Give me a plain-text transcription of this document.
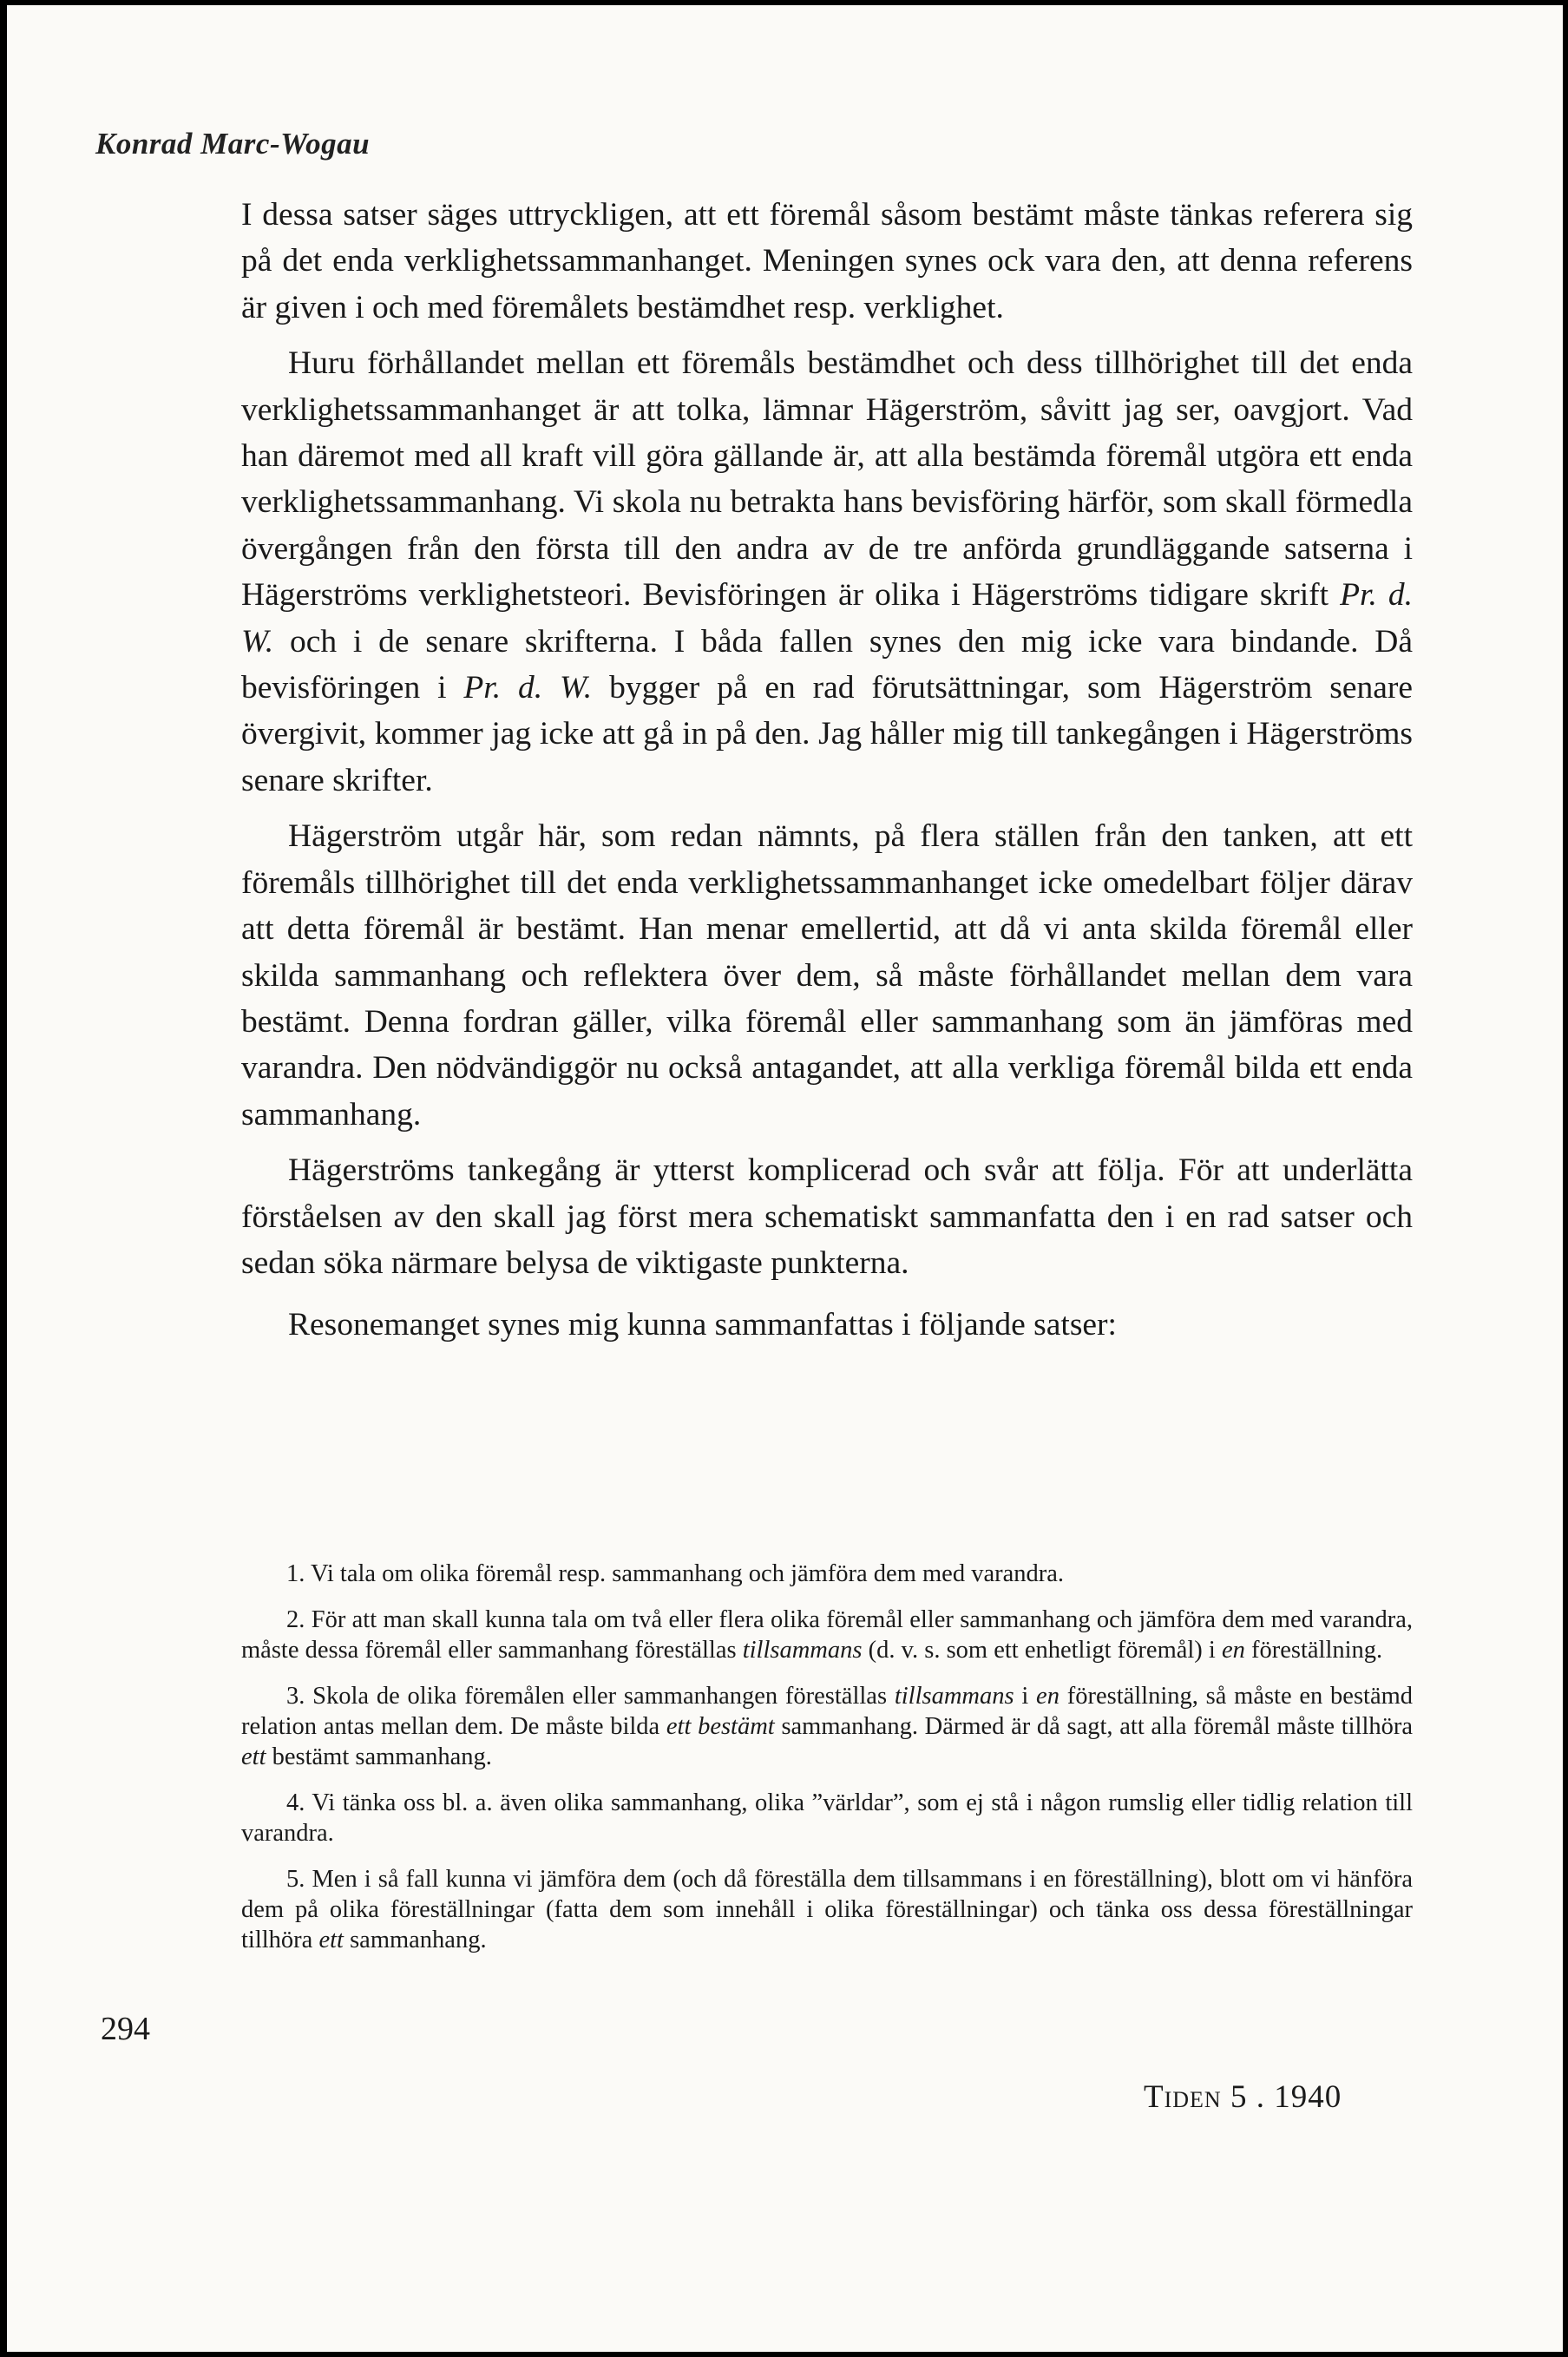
Konrad Marc-Wogau

I dessa satser säges uttryckligen, att ett föremål såsom bestämt måste tänkas referera sig på det enda verklighetssammanhanget. Meningen synes ock vara den, att denna referens är given i och med föremålets bestämdhet resp. verklighet.

Huru förhållandet mellan ett föremåls bestämdhet och dess tillhörighet till det enda verklighetssammanhanget är att tolka, lämnar Hägerström, såvitt jag ser, oavgjort. Vad han däremot med all kraft vill göra gällande är, att alla bestämda föremål utgöra ett enda verklighetssammanhang. Vi skola nu betrakta hans bevisföring härför, som skall förmedla övergången från den första till den andra av de tre anförda grundläggande satserna i Hägerströms verklighetsteori. Bevisföringen är olika i Hägerströms tidigare skrift Pr. d. W. och i de senare skrifterna. I båda fallen synes den mig icke vara bindande. Då bevisföringen i Pr. d. W. bygger på en rad förutsättningar, som Hägerström senare övergivit, kommer jag icke att gå in på den. Jag håller mig till tankegången i Hägerströms senare skrifter.

Hägerström utgår här, som redan nämnts, på flera ställen från den tanken, att ett föremåls tillhörighet till det enda verklighetssammanhanget icke omedelbart följer därav att detta föremål är bestämt. Han menar emellertid, att då vi anta skilda föremål eller skilda sammanhang och reflektera över dem, så måste förhållandet mellan dem vara bestämt. Denna fordran gäller, vilka föremål eller sammanhang som än jämföras med varandra. Den nödvändiggör nu också antagandet, att alla verkliga föremål bilda ett enda sammanhang.

Hägerströms tankegång är ytterst komplicerad och svår att följa. För att underlätta förståelsen av den skall jag först mera schematiskt sammanfatta den i en rad satser och sedan söka närmare belysa de viktigaste punkterna.

Resonemanget synes mig kunna sammanfattas i följande satser:

1. Vi tala om olika föremål resp. sammanhang och jämföra dem med varandra.

2. För att man skall kunna tala om två eller flera olika föremål eller sammanhang och jämföra dem med varandra, måste dessa föremål eller sammanhang föreställas tillsammans (d. v. s. som ett enhetligt föremål) i en föreställning.

3. Skola de olika föremålen eller sammanhangen föreställas tillsammans i en föreställning, så måste en bestämd relation antas mellan dem. De måste bilda ett bestämt sammanhang. Därmed är då sagt, att alla föremål måste tillhöra ett bestämt sammanhang.

4. Vi tänka oss bl. a. även olika sammanhang, olika ”världar”, som ej stå i någon rumslig eller tidlig relation till varandra.

5. Men i så fall kunna vi jämföra dem (och då föreställa dem tillsammans i en föreställning), blott om vi hänföra dem på olika föreställningar (fatta dem som innehåll i olika föreställningar) och tänka oss dessa föreställningar tillhöra ett sammanhang.

294
Tiden 5 . 1940
